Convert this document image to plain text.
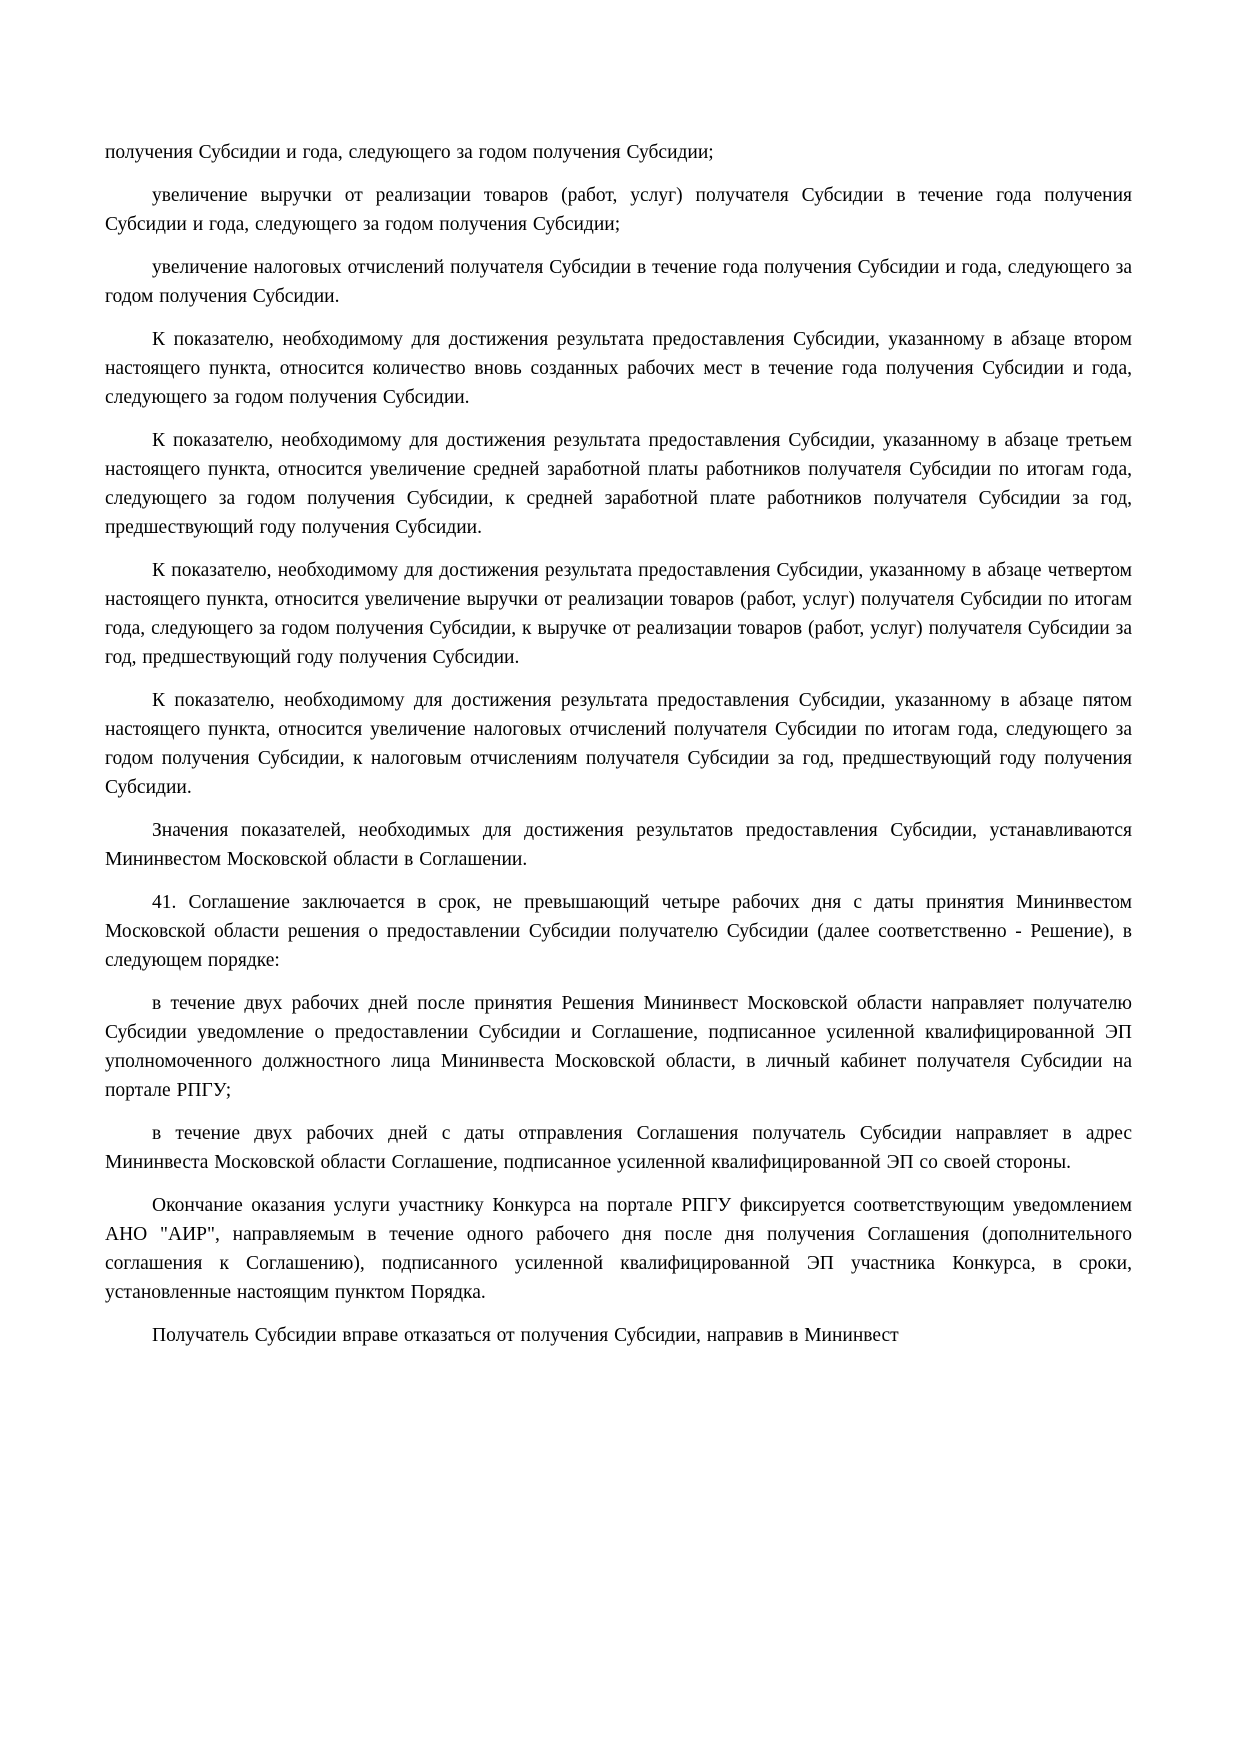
получения Субсидии и года, следующего за годом получения Субсидии;

увеличение выручки от реализации товаров (работ, услуг) получателя Субсидии в течение года получения Субсидии и года, следующего за годом получения Субсидии;

увеличение налоговых отчислений получателя Субсидии в течение года получения Субсидии и года, следующего за годом получения Субсидии.

К показателю, необходимому для достижения результата предоставления Субсидии, указанному в абзаце втором настоящего пункта, относится количество вновь созданных рабочих мест в течение года получения Субсидии и года, следующего за годом получения Субсидии.

К показателю, необходимому для достижения результата предоставления Субсидии, указанному в абзаце третьем настоящего пункта, относится увеличение средней заработной платы работников получателя Субсидии по итогам года, следующего за годом получения Субсидии, к средней заработной плате работников получателя Субсидии за год, предшествующий году получения Субсидии.

К показателю, необходимому для достижения результата предоставления Субсидии, указанному в абзаце четвертом настоящего пункта, относится увеличение выручки от реализации товаров (работ, услуг) получателя Субсидии по итогам года, следующего за годом получения Субсидии, к выручке от реализации товаров (работ, услуг) получателя Субсидии за год, предшествующий году получения Субсидии.

К показателю, необходимому для достижения результата предоставления Субсидии, указанному в абзаце пятом настоящего пункта, относится увеличение налоговых отчислений получателя Субсидии по итогам года, следующего за годом получения Субсидии, к налоговым отчислениям получателя Субсидии за год, предшествующий году получения Субсидии.

Значения показателей, необходимых для достижения результатов предоставления Субсидии, устанавливаются Мининвестом Московской области в Соглашении.

41. Соглашение заключается в срок, не превышающий четыре рабочих дня с даты принятия Мининвестом Московской области решения о предоставлении Субсидии получателю Субсидии (далее соответственно - Решение), в следующем порядке:

в течение двух рабочих дней после принятия Решения Мининвест Московской области направляет получателю Субсидии уведомление о предоставлении Субсидии и Соглашение, подписанное усиленной квалифицированной ЭП уполномоченного должностного лица Мининвеста Московской области, в личный кабинет получателя Субсидии на портале РПГУ;

в течение двух рабочих дней с даты отправления Соглашения получатель Субсидии направляет в адрес Мининвеста Московской области Соглашение, подписанное усиленной квалифицированной ЭП со своей стороны.

Окончание оказания услуги участнику Конкурса на портале РПГУ фиксируется соответствующим уведомлением АНО "АИР", направляемым в течение одного рабочего дня после дня получения Соглашения (дополнительного соглашения к Соглашению), подписанного усиленной квалифицированной ЭП участника Конкурса, в сроки, установленные настоящим пунктом Порядка.

Получатель Субсидии вправе отказаться от получения Субсидии, направив в Мининвест
